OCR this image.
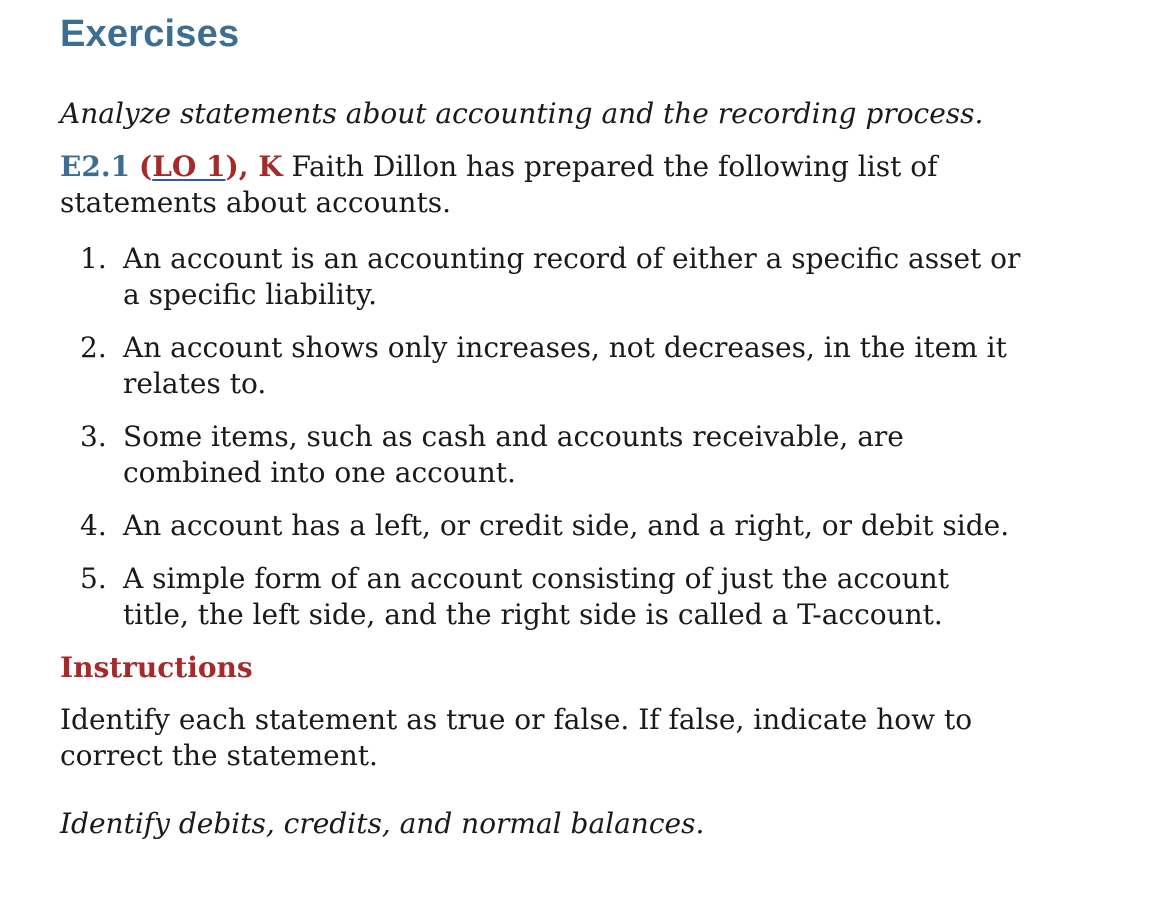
Exercises

Analyze statements about accounting and the recording process.

E2.1 (LO 1), K Faith Dillon has prepared the following list of statements about accounts.

1. An account is an accounting record of either a specific asset or a specific liability.
2. An account shows only increases, not decreases, in the item it relates to.
3. Some items, such as cash and accounts receivable, are combined into one account.
4. An account has a left, or credit side, and a right, or debit side.
5. A simple form of an account consisting of just the account title, the left side, and the right side is called a T-account.

Instructions

Identify each statement as true or false. If false, indicate how to correct the statement.

Identify debits, credits, and normal balances.
